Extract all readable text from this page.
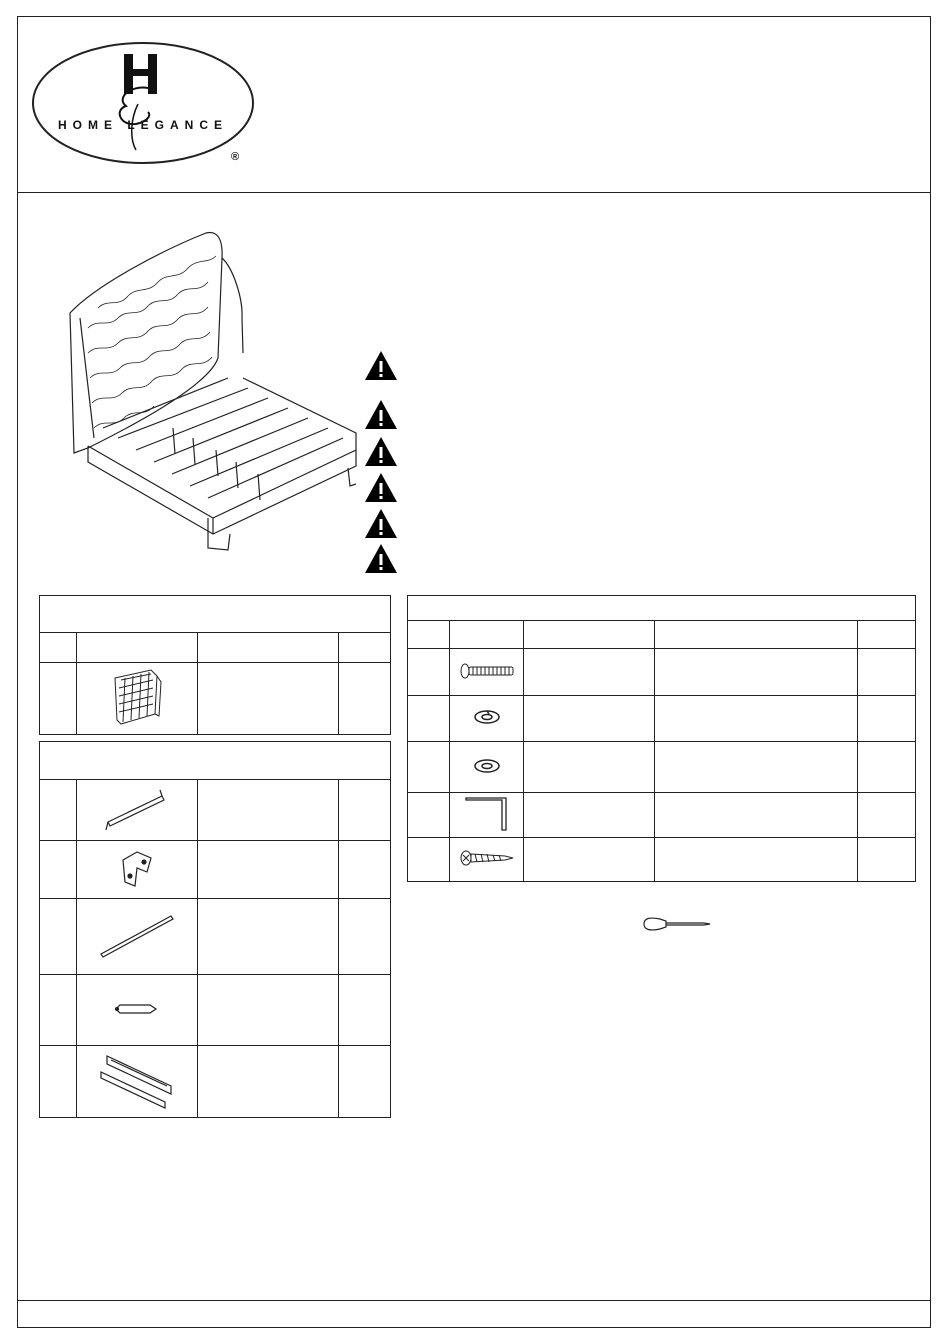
HOME LEGANCE
®
